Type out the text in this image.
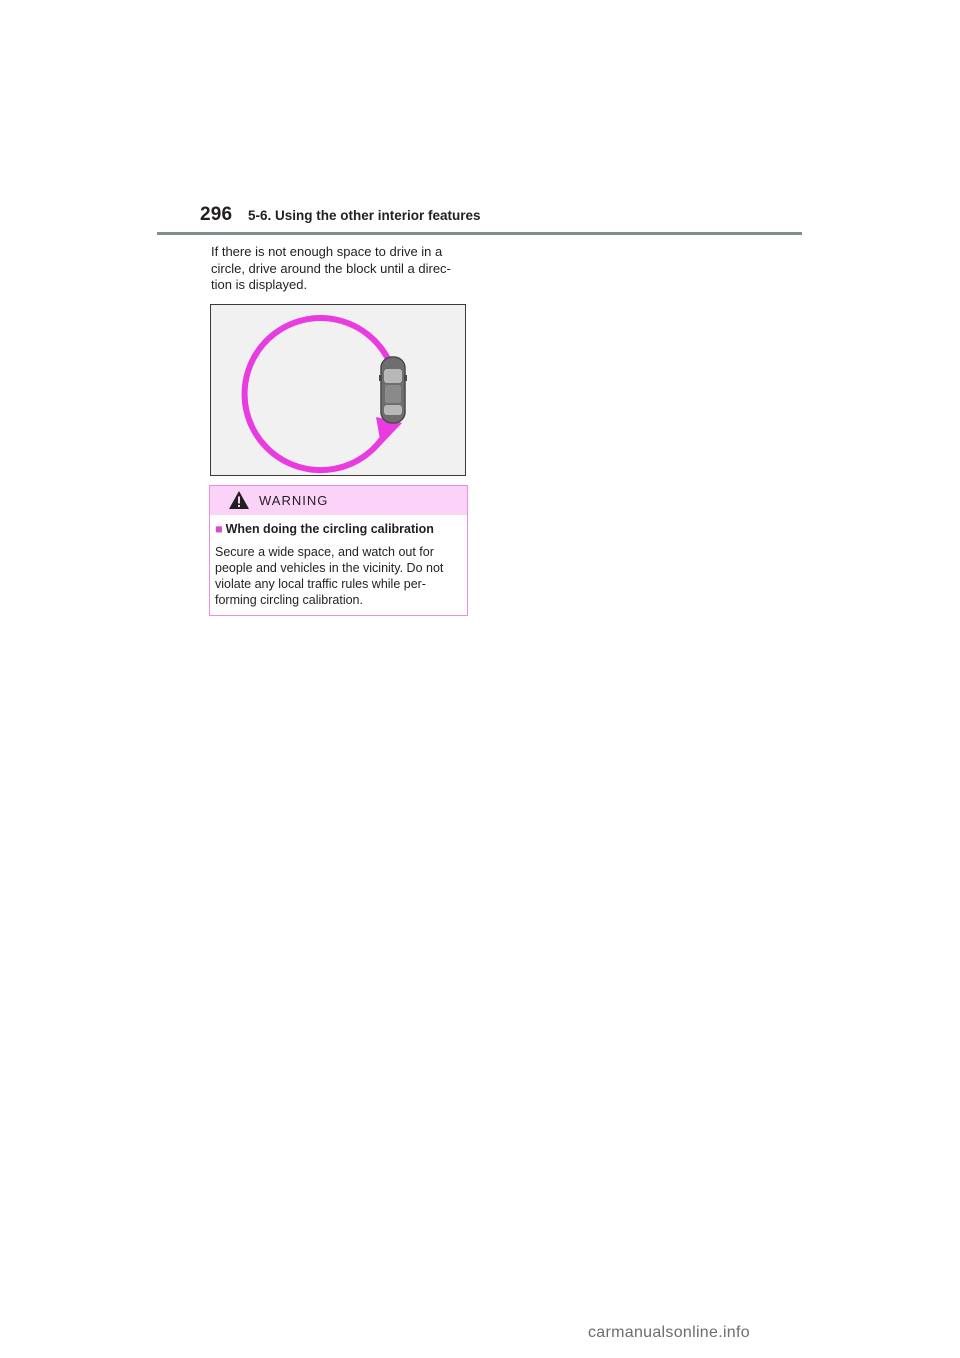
296 5-6. Using the other interior features
If there is not enough space to drive in a
circle, drive around the block until a direc-
tion is displayed.
WARNING
■ When doing the circling calibration
Secure a wide space, and watch out for
people and vehicles in the vicinity. Do not
violate any local traffic rules while per-
forming circling calibration.
carmanualsonline.info
